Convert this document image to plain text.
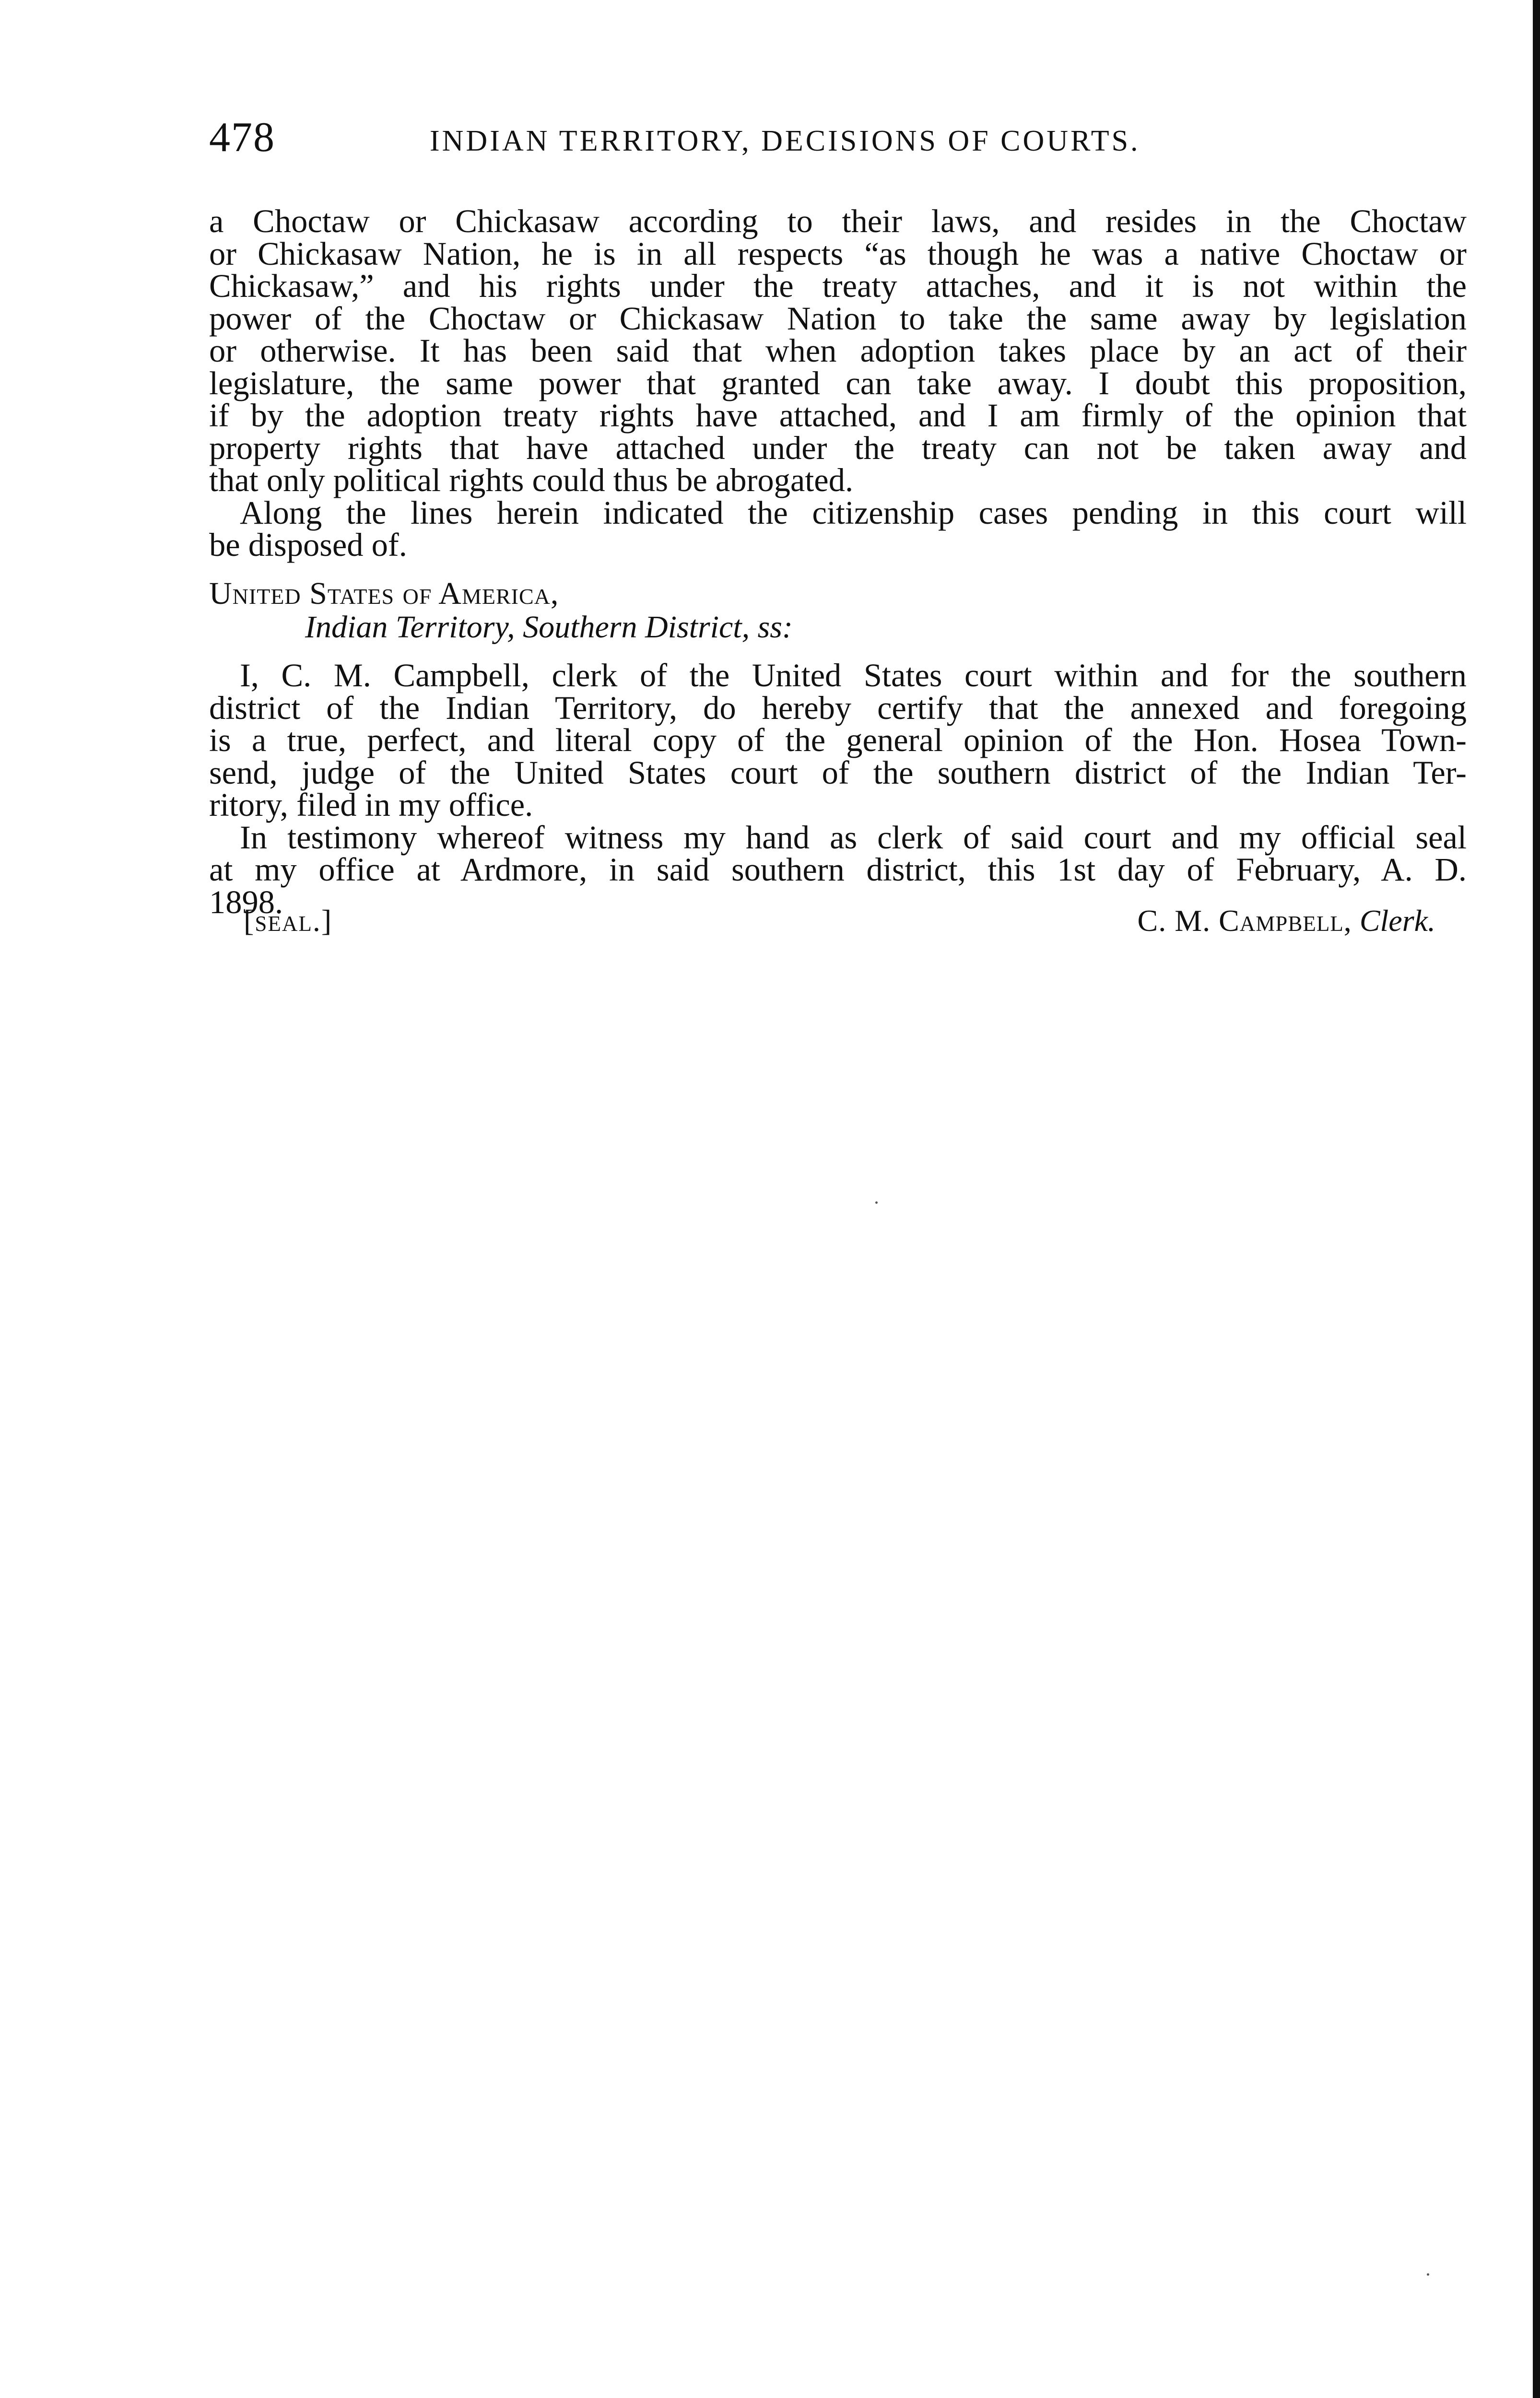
478	INDIAN TERRITORY, DECISIONS OF COURTS.
a Choctaw or Chickasaw according to their laws, and resides in the Choctaw
or Chickasaw Nation, he is in all respects “as though he was a native Choctaw or
Chickasaw,” and his rights under the treaty attaches, and it is not within the
power of the Choctaw or Chickasaw Nation to take the same away by legislation
or otherwise. It has been said that when adoption takes place by an act of their
legislature, the same power that granted can take away. I doubt this proposition,
if by the adoption treaty rights have attached, and I am firmly of the opinion that
property rights that have attached under the treaty can not be taken away and
that only political rights could thus be abrogated.
Along the lines herein indicated the citizenship cases pending in this court will
be disposed of.
United States of America,
Indian Territory, Southern District, ss:
I, C. M. Campbell, clerk of the United States court within and for the southern
district of the Indian Territory, do hereby certify that the annexed and foregoing
is a true, perfect, and literal copy of the general opinion of the Hon. Hosea Town-
send, judge of the United States court of the southern district of the Indian Ter-
ritory, filed in my office.
In testimony whereof witness my hand as clerk of said court and my official seal
at my office at Ardmore, in said southern district, this 1st day of February, A. D.
1898.
[seal.]	C. M. Campbell, Clerk.
